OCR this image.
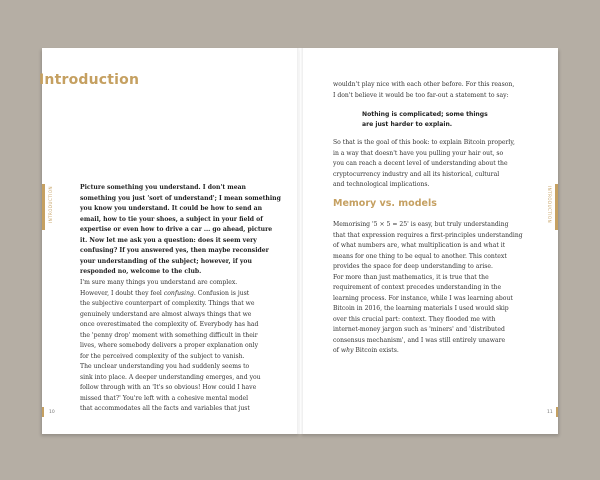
Introduction
INTRODUCTION	INTRODUCTION
10	11

Picture something you understand. I don't mean
something you just 'sort of understand'; I mean something
you know you understand. It could be how to send an
email, how to tie your shoes, a subject in your field of
expertise or even how to drive a car ... go ahead, picture
it. Now let me ask you a question: does it seem very
confusing? If you answered yes, then maybe reconsider
your understanding of the subject; however, if you
responded no, welcome to the club.

I'm sure many things you understand are complex.
However, I doubt they feel confusing. Confusion is just
the subjective counterpart of complexity. Things that we
genuinely understand are almost always things that we
once overestimated the complexity of. Everybody has had
the 'penny drop' moment with something difficult in their
lives, where somebody delivers a proper explanation only
for the perceived complexity of the subject to vanish.
The unclear understanding you had suddenly seems to
sink into place. A deeper understanding emerges, and you
follow through with an 'It's so obvious! How could I have
missed that?' You're left with a cohesive mental model
that accommodates all the facts and variables that just

wouldn't play nice with each other before. For this reason,
I don't believe it would be too far-out a statement to say:

Nothing is complicated; some things
are just harder to explain.

So that is the goal of this book: to explain Bitcoin properly,
in a way that doesn't have you pulling your hair out, so
you can reach a decent level of understanding about the
cryptocurrency industry and all its historical, cultural
and technological implications.

Memory vs. models

Memorising '5 × 5 = 25' is easy, but truly understanding
that that expression requires a first-principles understanding
of what numbers are, what multiplication is and what it
means for one thing to be equal to another. This context
provides the space for deep understanding to arise.
For more than just mathematics, it is true that the
requirement of context precedes understanding in the
learning process. For instance, while I was learning about
Bitcoin in 2016, the learning materials I used would skip
over this crucial part: context. They flooded me with
internet-money jargon such as 'miners' and 'distributed
consensus mechanism', and I was still entirely unaware
of why Bitcoin exists.
